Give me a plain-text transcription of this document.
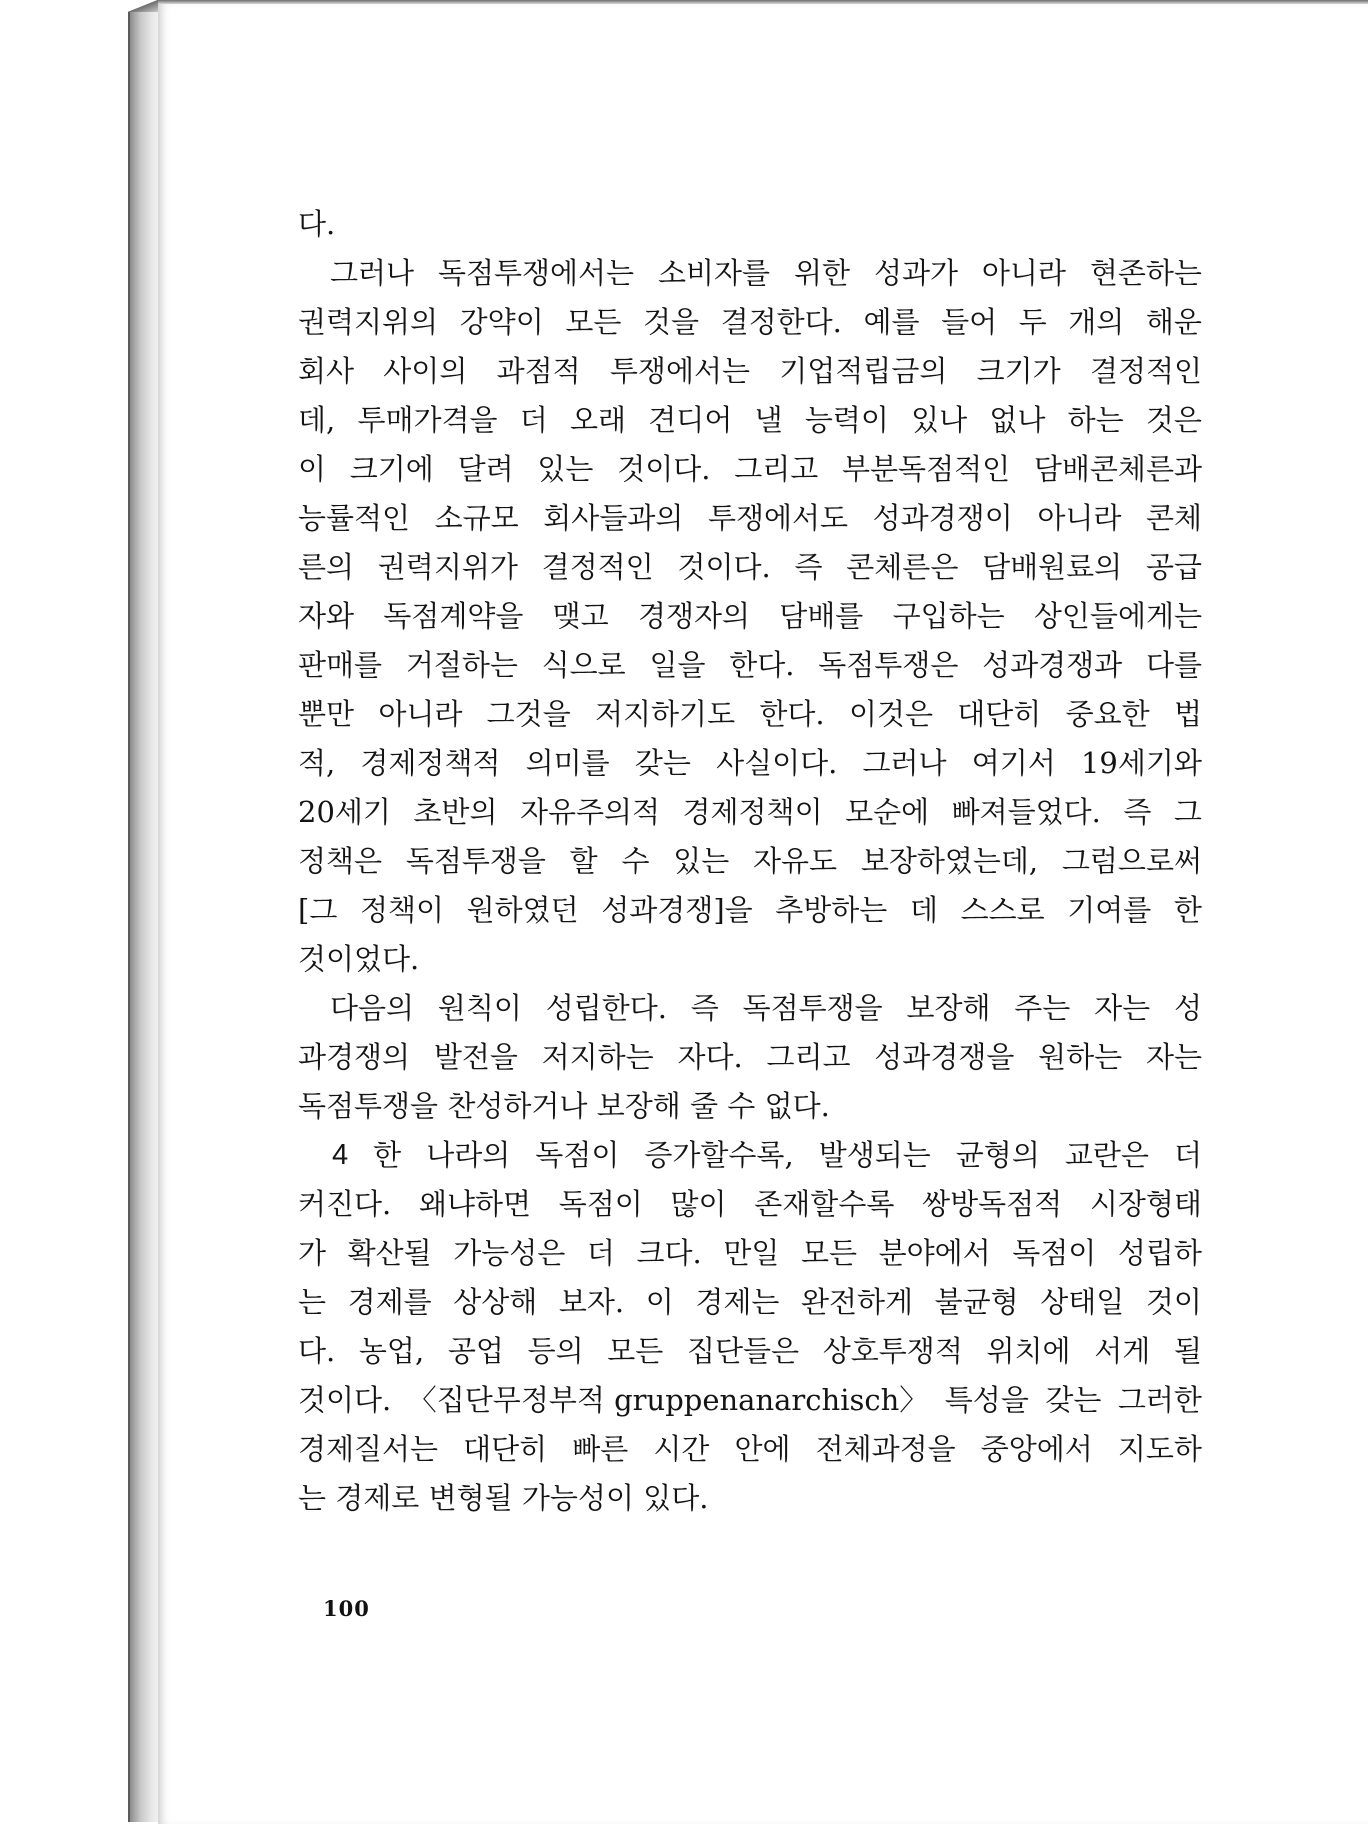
다.
그러나 독점투쟁에서는 소비자를 위한 성과가 아니라 현존하는
권력지위의 강약이 모든 것을 결정한다. 예를 들어 두 개의 해운
회사 사이의 과점적 투쟁에서는 기업적립금의 크기가 결정적인
데, 투매가격을 더 오래 견디어 낼 능력이 있나 없나 하는 것은
이 크기에 달려 있는 것이다. 그리고 부분독점적인 담배콘체른과
능률적인 소규모 회사들과의 투쟁에서도 성과경쟁이 아니라 콘체
른의 권력지위가 결정적인 것이다. 즉 콘체른은 담배원료의 공급
자와 독점계약을 맺고 경쟁자의 담배를 구입하는 상인들에게는
판매를 거절하는 식으로 일을 한다. 독점투쟁은 성과경쟁과 다를
뿐만 아니라 그것을 저지하기도 한다. 이것은 대단히 중요한 법
적, 경제정책적 의미를 갖는 사실이다. 그러나 여기서 19세기와
20세기 초반의 자유주의적 경제정책이 모순에 빠져들었다. 즉 그
정책은 독점투쟁을 할 수 있는 자유도 보장하였는데, 그럼으로써
[그 정책이 원하였던 성과경쟁]을 추방하는 데 스스로 기여를 한
것이었다.
다음의 원칙이 성립한다. 즉 독점투쟁을 보장해 주는 자는 성
과경쟁의 발전을 저지하는 자다. 그리고 성과경쟁을 원하는 자는
독점투쟁을 찬성하거나 보장해 줄 수 없다.
4 한 나라의 독점이 증가할수록, 발생되는 균형의 교란은 더
커진다. 왜냐하면 독점이 많이 존재할수록 쌍방독점적 시장형태
가 확산될 가능성은 더 크다. 만일 모든 분야에서 독점이 성립하
는 경제를 상상해 보자. 이 경제는 완전하게 불균형 상태일 것이
다. 농업, 공업 등의 모든 집단들은 상호투쟁적 위치에 서게 될
것이다. 〈집단무정부적 gruppenanarchisch〉 특성을 갖는 그러한
경제질서는 대단히 빠른 시간 안에 전체과정을 중앙에서 지도하
는 경제로 변형될 가능성이 있다.
100
